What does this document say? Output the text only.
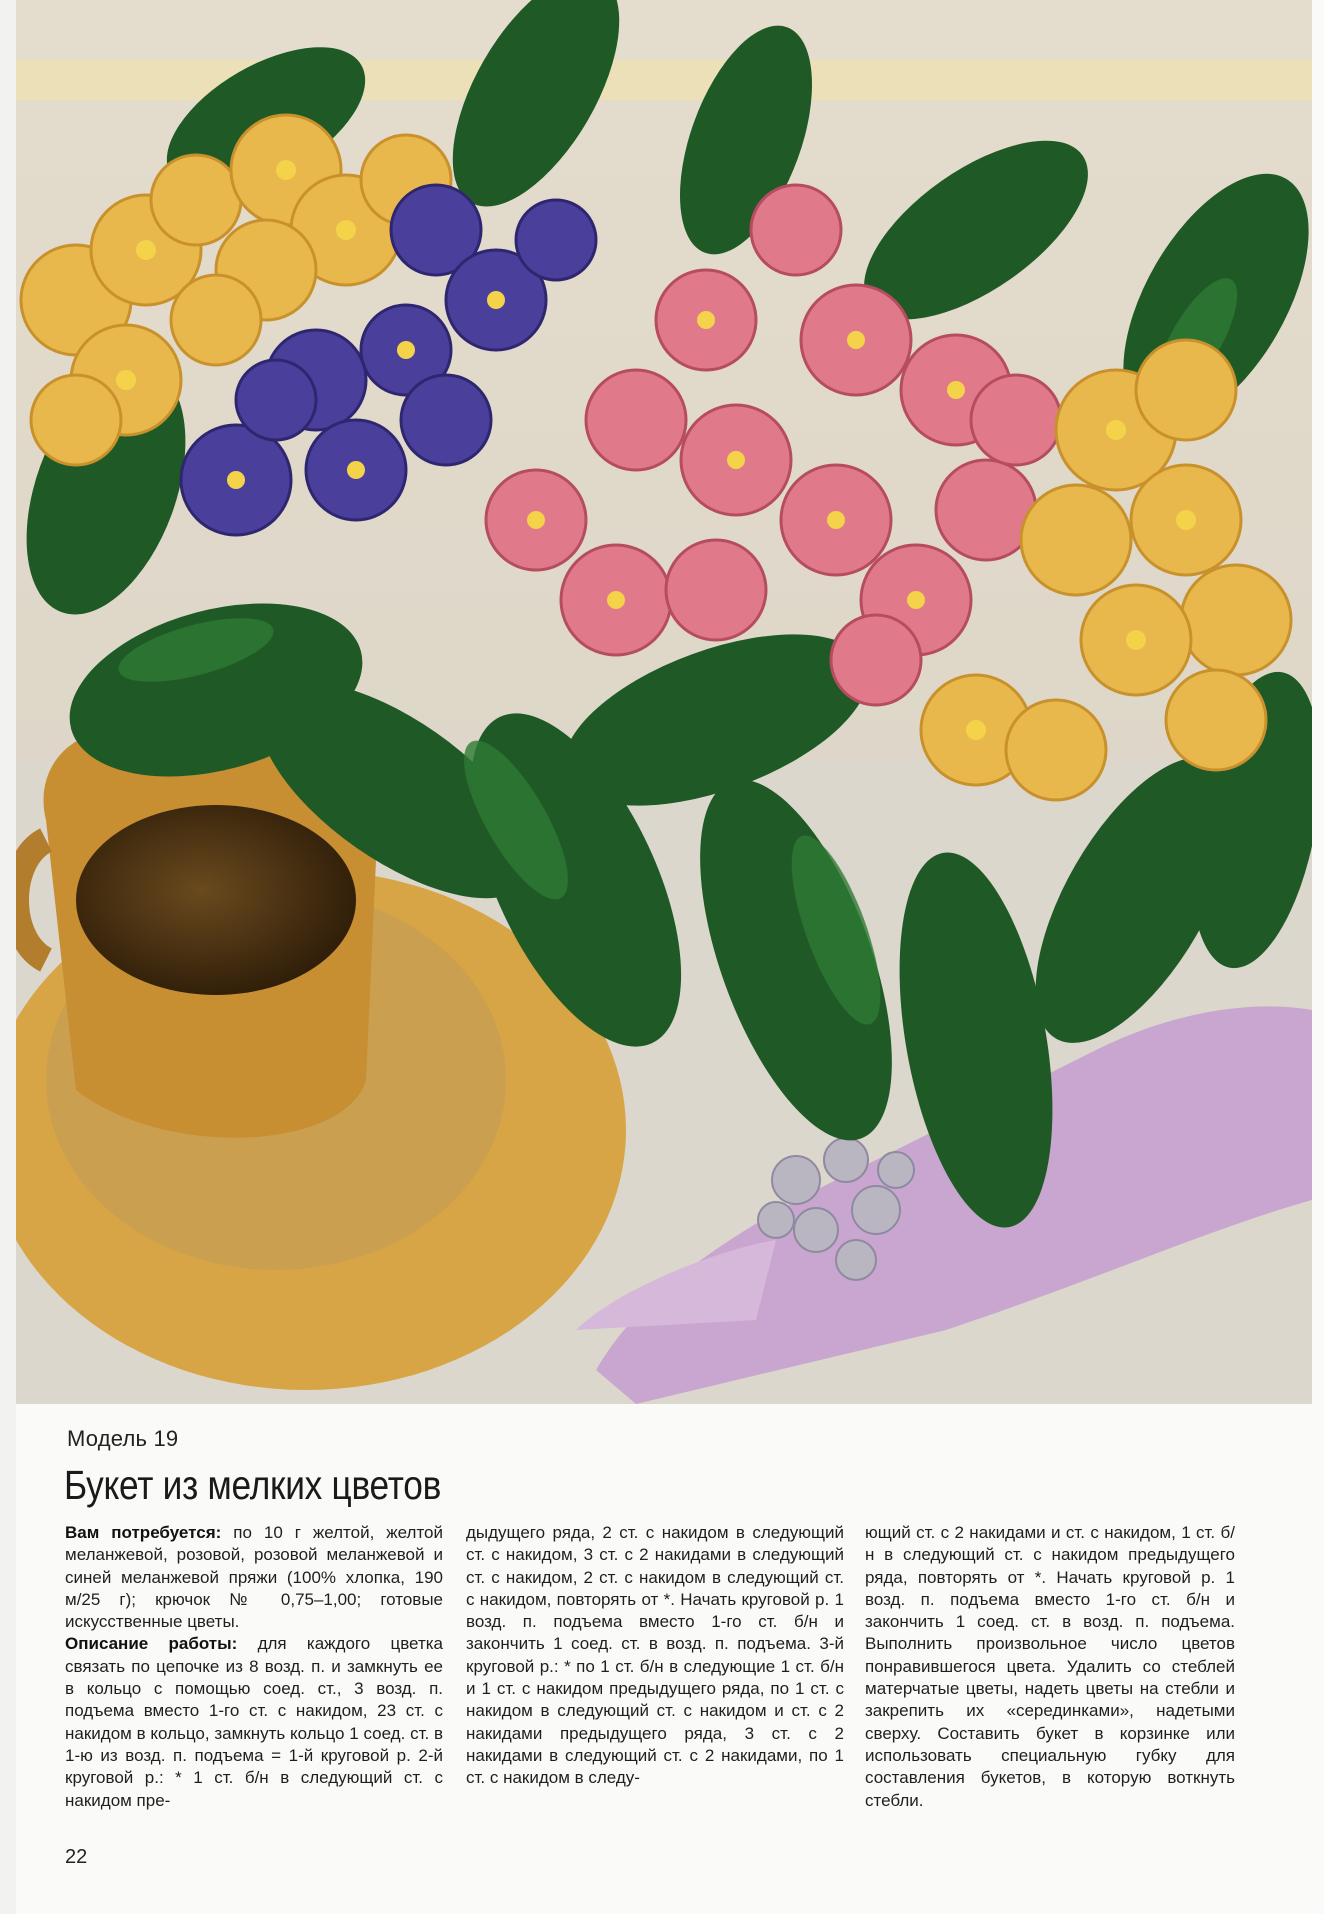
Модель 19
Букет из мелких цветов

Вам потребуется: по 10 г желтой, желтой меланжевой, розовой, розовой меланжевой и синей меланжевой пряжи (100% хлопка, 190 м/25 г); крючок № 0,75–1,00; готовые искусственные цветы.

Описание работы: для каждого цветка связать по цепочке из 8 возд. п. и замкнуть ее в кольцо с помощью соед. ст., 3 возд. п. подъема вместо 1-го ст. с накидом, 23 ст. с накидом в кольцо, замкнуть кольцо 1 соед. ст. в 1-ю из возд. п. подъема = 1-й круговой р. 2-й круговой р.: * 1 ст. б/н в следующий ст. с накидом пре-

дыдущего ряда, 2 ст. с накидом в следующий ст. с накидом, 3 ст. с 2 накидами в следующий ст. с накидом, 2 ст. с накидом в следующий ст. с накидом, повторять от *. Начать круговой р. 1 возд. п. подъема вместо 1-го ст. б/н и закончить 1 соед. ст. в возд. п. подъема. 3-й круговой р.: * по 1 ст. б/н в следующие 1 ст. б/н и 1 ст. с накидом предыдущего ряда, по 1 ст. с накидом в следующий ст. с накидом и ст. с 2 накидами предыдущего ряда, 3 ст. с 2 накидами в следующий ст. с 2 накидами, по 1 ст. с накидом в следу-

ющий ст. с 2 накидами и ст. с накидом, 1 ст. б/н в следующий ст. с накидом предыдущего ряда, повторять от *. Начать круговой р. 1 возд. п. подъема вместо 1-го ст. б/н и закончить 1 соед. ст. в возд. п. подъема. Выполнить произвольное число цветов понравившегося цвета. Удалить со стеблей матерчатые цветы, надеть цветы на стебли и закрепить их «серединками», надетыми сверху. Составить букет в корзинке или использовать специальную губку для составления букетов, в которую воткнуть стебли.

22
